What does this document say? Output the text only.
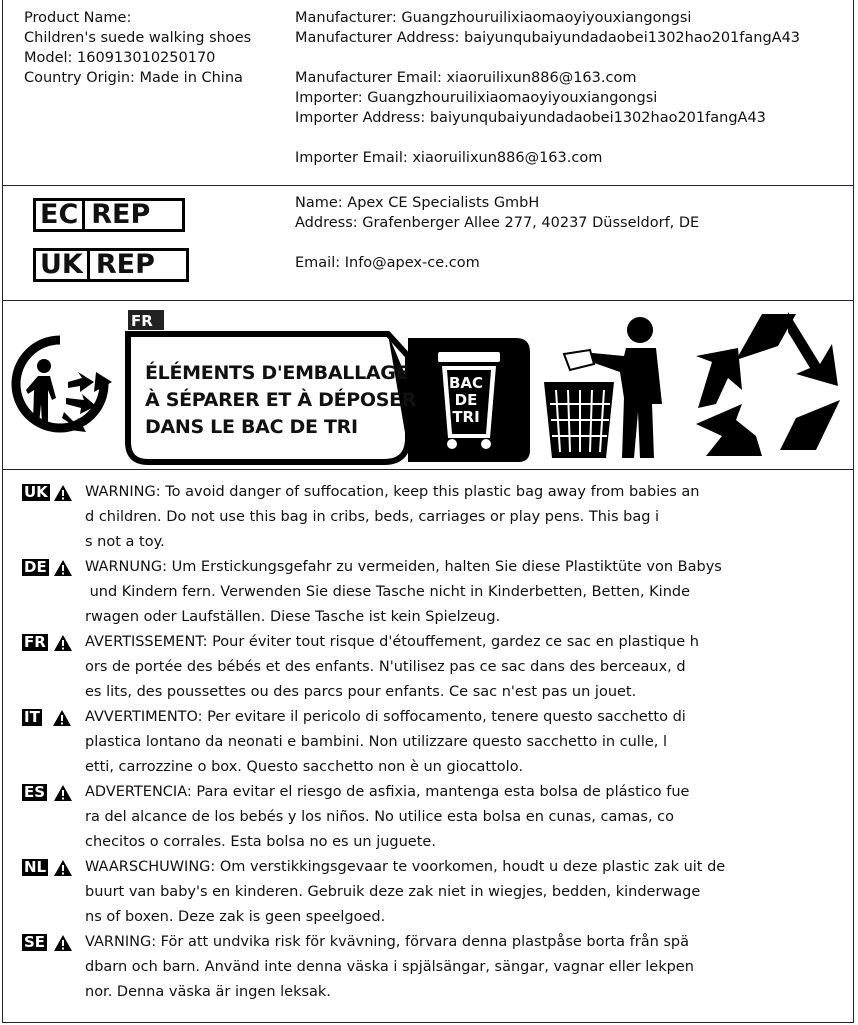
Product Name:
Children's suede walking shoes
Model: 160913010250170
Country Origin: Made in China
Manufacturer: Guangzhouruilixiaomaoyiyouxiangongsi
Manufacturer Address: baiyunqubaiyundadaobei1302hao201fangA43
Manufacturer Email: xiaoruilixun886@163.com
Importer: Guangzhouruilixiaomaoyiyouxiangongsi
Importer Address: baiyunqubaiyundadaobei1302hao201fangA43
Importer Email: xiaoruilixun886@163.com
EC REP
UK REP
Name: Apex CE Specialists GmbH
Address: Grafenberger Allee 277, 40237 Düsseldorf, DE
Email: Info@apex-ce.com
FR
ÉLÉMENTS D'EMBALLAGE
À SÉPARER ET À DÉPOSER
DANS LE BAC DE TRI
BAC
DE
TRI
UK	WARNING: To avoid danger of suffocation, keep this plastic bag away from babies an
d children. Do not use this bag in cribs, beds, carriages or play pens. This bag i
s not a toy.
DE	WARNUNG: Um Erstickungsgefahr zu vermeiden, halten Sie diese Plastiktüte von Babys
und Kindern fern. Verwenden Sie diese Tasche nicht in Kinderbetten, Betten, Kinde
rwagen oder Laufställen. Diese Tasche ist kein Spielzeug.
FR	AVERTISSEMENT: Pour éviter tout risque d'étouffement, gardez ce sac en plastique h
ors de portée des bébés et des enfants. N'utilisez pas ce sac dans des berceaux, d
es lits, des poussettes ou des parcs pour enfants. Ce sac n'est pas un jouet.
IT	AVVERTIMENTO: Per evitare il pericolo di soffocamento, tenere questo sacchetto di
plastica lontano da neonati e bambini. Non utilizzare questo sacchetto in culle, l
etti, carrozzine o box. Questo sacchetto non è un giocattolo.
ES	ADVERTENCIA: Para evitar el riesgo de asfixia, mantenga esta bolsa de plástico fue
ra del alcance de los bebés y los niños. No utilice esta bolsa en cunas, camas, co
checitos o corrales. Esta bolsa no es un juguete.
NL	WAARSCHUWING: Om verstikkingsgevaar te voorkomen, houdt u deze plastic zak uit de
buurt van baby's en kinderen. Gebruik deze zak niet in wiegjes, bedden, kinderwage
ns of boxen. Deze zak is geen speelgoed.
SE	VARNING: För att undvika risk för kvävning, förvara denna plastpåse borta från spä
dbarn och barn. Använd inte denna väska i spjälsängar, sängar, vagnar eller lekpen
nor. Denna väska är ingen leksak.
